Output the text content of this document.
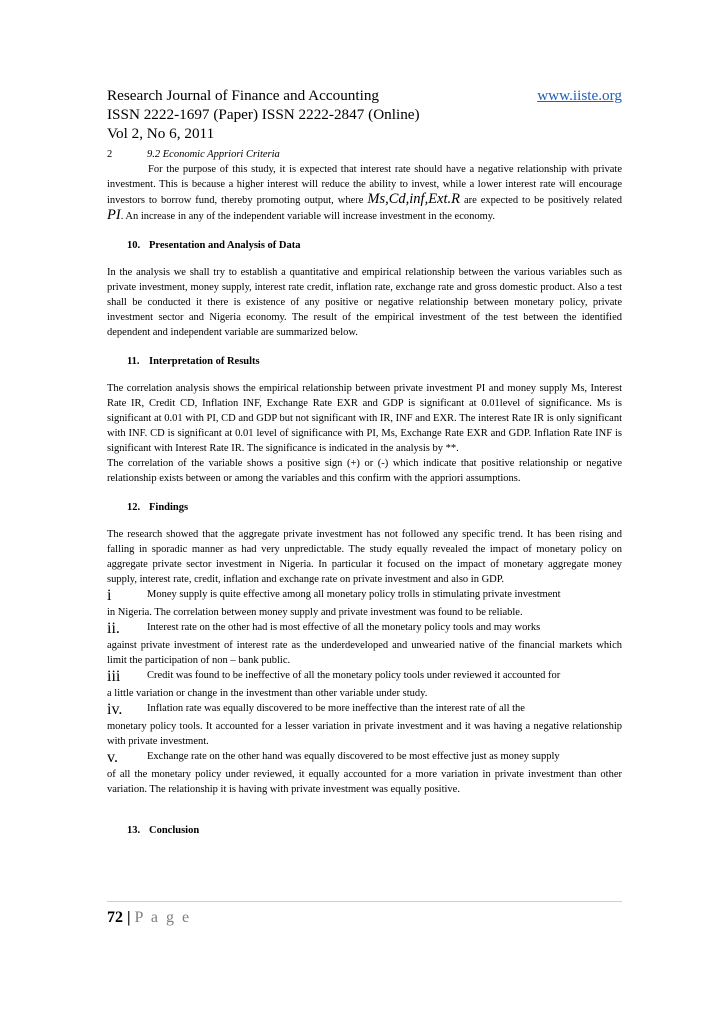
Research Journal of Finance and Accounting	www.iiste.org
ISSN 2222-1697 (Paper) ISSN 2222-2847 (Online)
Vol 2, No 6, 2011
2	9.2 Economic Appriori Criteria

For the purpose of this study, it is expected that interest rate should have a negative relationship with private investment. This is because a higher interest will reduce the ability to invest, while a lower interest rate will encourage investors to borrow fund, thereby promoting output, where Ms,Cd,inf,Ext.R are expected to be positively related PI. An increase in any of the independent variable will increase investment in the economy.

10. Presentation and Analysis of Data

In the analysis we shall try to establish a quantitative and empirical relationship between the various variables such as private investment, money supply, interest rate credit, inflation rate, exchange rate and gross domestic product. Also a test shall be conducted it there is existence of any positive or negative relationship between monetary policy, private investment sector and Nigeria economy. The result of the empirical investment of the test between the identified dependent and independent variable are summarized below.

11. Interpretation of Results

The correlation analysis shows the empirical relationship between private investment PI and money supply Ms, Interest Rate IR, Credit CD, Inflation INF, Exchange Rate EXR and GDP is significant at 0.01level of significance. Ms is significant at 0.01 with PI, CD and GDP but not significant with IR, INF and EXR. The interest Rate IR is only significant with INF. CD is significant at 0.01 level of significance with PI, Ms, Exchange Rate EXR and GDP. Inflation Rate INF is significant with Interest Rate IR. The significance is indicated in the analysis by **.

The correlation of the variable shows a positive sign (+) or (-) which indicate that positive relationship or negative relationship exists between or among the variables and this confirm with the appriori assumptions.

12. Findings

The research showed that the aggregate private investment has not followed any specific trend. It has been rising and falling in sporadic manner as had very unpredictable. The study equally revealed the impact of monetary policy on aggregate private sector investment in Nigeria. In particular it focused on the impact of monetary aggregate money supply, interest rate, credit, inflation and exchange rate on private investment and also in GDP.

i	Money supply is quite effective among all monetary policy trolls in stimulating private investment

in Nigeria. The correlation between money supply and private investment was found to be reliable.

ii.	Interest rate on the other had is most effective of all the monetary policy tools and may works

against private investment of interest rate as the underdeveloped and unwearied native of the financial markets which limit the participation of non – bank public.

iii	Credit was found to be ineffective of all the monetary policy tools under reviewed it accounted for

a little variation or change in the investment than other variable under study.

iv.	Inflation rate was equally discovered to be more ineffective than the interest rate of all the

monetary policy tools. It accounted for a lesser variation in private investment and it was having a negative relationship with private investment.

v.	Exchange rate on the other hand was equally discovered to be most effective just as money supply

of all the monetary policy under reviewed, it equally accounted for a more variation in private investment than other variation. The relationship it is having with private investment was equally positive.

13. Conclusion
72 | P a g e
